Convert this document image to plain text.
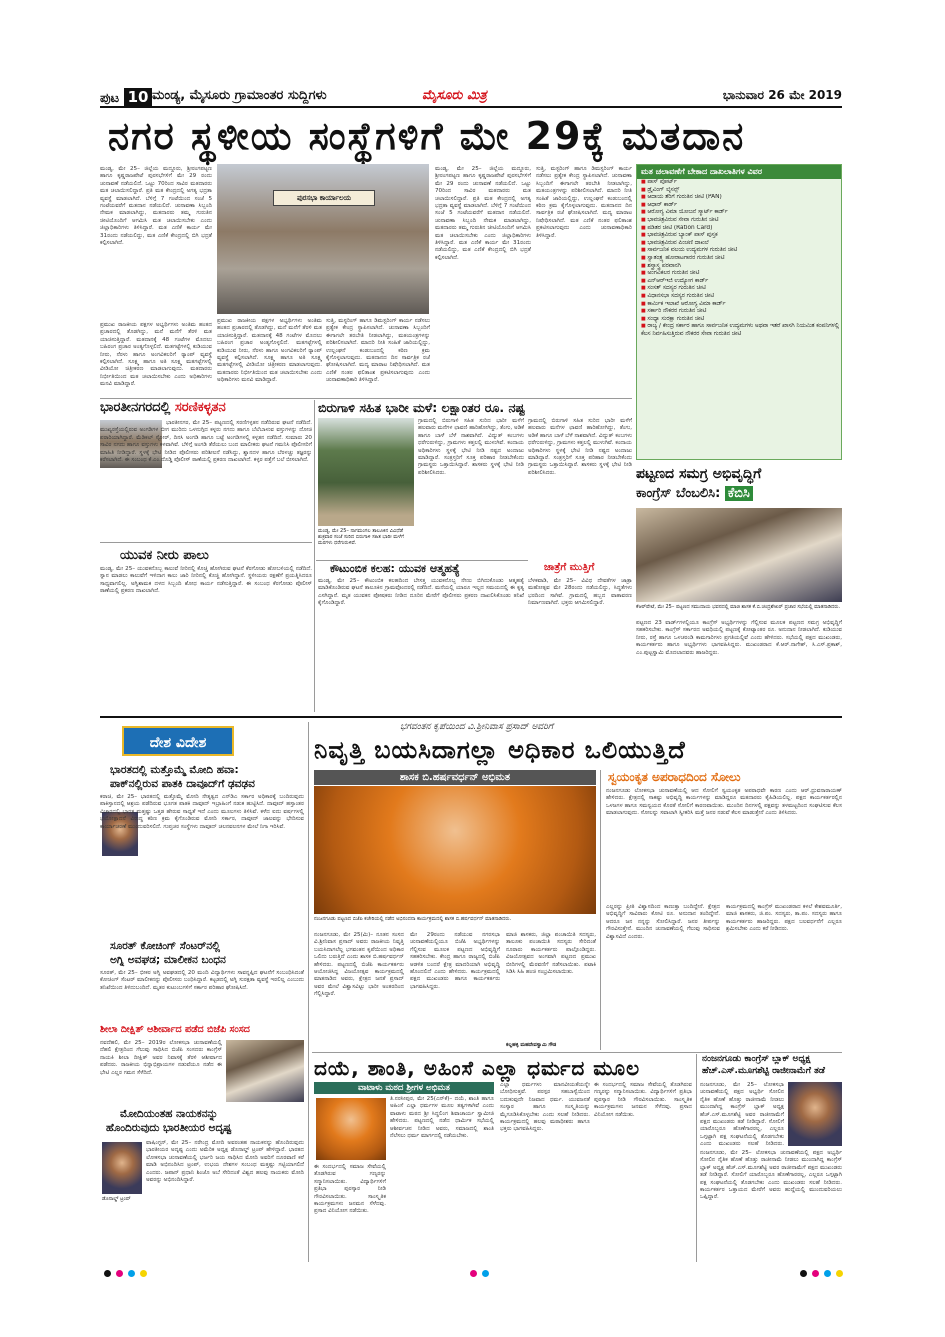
ಪುಟ 10 ಮಂಡ್ಯ, ಮೈಸೂರು ಗ್ರಾಮಾಂತರ ಸುದ್ದಿಗಳು	ಮೈಸೂರು ಮಿತ್ರ	ಭಾನುವಾರ 26 ಮೇ 2019
ನಗರ ಸ್ಥಳೀಯ ಸಂಸ್ಥೆಗಳಿಗೆ ಮೇ 29ಕ್ಕೆ ಮತದಾನ
ಮಂಡ್ಯ, ಮೇ 25– ಜಿಲ್ಲೆಯ ಮದ್ದೂರು, ಶ್ರೀರಂಗಪಟ್ಟಣ ಹಾಗೂ ಕೃಷ್ಣರಾಜಪೇಟೆ ಪುರಸಭೆಗಳಿಗೆ ಮೇ 29 ರಂದು ಚುನಾವಣೆ ನಡೆಯಲಿದೆ. ಒಟ್ಟು 70ರಿಂದ ಸಾವಿರ ಮತದಾರರು ಮತ ಚಲಾಯಿಸಲಿದ್ದಾರೆ. ಪ್ರತಿ ಮತ ಕೇಂದ್ರದಲ್ಲಿ ಅಗತ್ಯ ಭದ್ರತಾ ವ್ಯವಸ್ಥೆ ಮಾಡಲಾಗಿದೆ. ಬೆಳಿಗ್ಗೆ 7 ಗಂಟೆಯಿಂದ ಸಂಜೆ 5 ಗಂಟೆಯವರೆಗೆ ಮತದಾನ ನಡೆಯಲಿದೆ. ಚುನಾವಣಾ ಸಿಬ್ಬಂದಿ ನೇಮಕ ಮಾಡಲಾಗಿದ್ದು, ಮತದಾರರು ತಮ್ಮ ಗುರುತಿನ ಚೀಟಿಯೊಂದಿಗೆ ಆಗಮಿಸಿ ಮತ ಚಲಾಯಿಸಬೇಕು ಎಂದು ಜಿಲ್ಲಾಧಿಕಾರಿಗಳು ತಿಳಿಸಿದ್ದಾರೆ. ಮತ ಎಣಿಕೆ ಕಾರ್ಯ ಮೇ 31ರಂದು ನಡೆಯಲಿದ್ದು, ಮತ ಎಣಿಕೆ ಕೇಂದ್ರದಲ್ಲಿ ಬಿಗಿ ಭದ್ರತೆ ಕಲ್ಪಿಸಲಾಗಿದೆ.
ಪುರಸಭಾ ಕಾರ್ಯಾಲಯ
ಪ್ರಮುಖ ರಾಜಕೀಯ ಪಕ್ಷಗಳ ಅಭ್ಯರ್ಥಿಗಳು ಅಂತಿಮ ಹಂತದ ಪ್ರಚಾರದಲ್ಲಿ ತೊಡಗಿದ್ದು, ಮನೆ ಮನೆಗೆ ತೆರಳಿ ಮತ ಯಾಚಿಸುತ್ತಿದ್ದಾರೆ. ಮತದಾನಕ್ಕೆ 48 ಗಂಟೆಗಳ ಮೊದಲು ಬಹಿರಂಗ ಪ್ರಚಾರ ಅಂತ್ಯಗೊಳ್ಳಲಿದೆ. ಮತಗಟ್ಟೆಗಳಲ್ಲಿ ಕುಡಿಯುವ ನೀರು, ನೆರಳು ಹಾಗೂ ಅಂಗವಿಕಲರಿಗೆ ರ‍್ಯಾಂಪ್ ವ್ಯವಸ್ಥೆ ಕಲ್ಪಿಸಲಾಗಿದೆ. ಸೂಕ್ಷ್ಮ ಹಾಗೂ ಅತಿ ಸೂಕ್ಷ್ಮ ಮತಗಟ್ಟೆಗಳಲ್ಲಿ ವೀಡಿಯೋ ಚಿತ್ರೀಕರಣ ಮಾಡಲಾಗುವುದು. ಮತದಾರರು ನಿರ್ಭೀತಿಯಿಂದ ಮತ ಚಲಾಯಿಸಬೇಕು ಎಂದು ಅಧಿಕಾರಿಗಳು ಮನವಿ ಮಾಡಿದ್ದಾರೆ.
ಪ್ರಮುಖ ರಾಜಕೀಯ ಪಕ್ಷಗಳ ಅಭ್ಯರ್ಥಿಗಳು ಅಂತಿಮ ಹಂತದ ಪ್ರಚಾರದಲ್ಲಿ ತೊಡಗಿದ್ದು, ಮನೆ ಮನೆಗೆ ತೆರಳಿ ಮತ ಯಾಚಿಸುತ್ತಿದ್ದಾರೆ. ಮತದಾನಕ್ಕೆ 48 ಗಂಟೆಗಳ ಮೊದಲು ಬಹಿರಂಗ ಪ್ರಚಾರ ಅಂತ್ಯಗೊಳ್ಳಲಿದೆ. ಮತಗಟ್ಟೆಗಳಲ್ಲಿ ಕುಡಿಯುವ ನೀರು, ನೆರಳು ಹಾಗೂ ಅಂಗವಿಕಲರಿಗೆ ರ‍್ಯಾಂಪ್ ವ್ಯವಸ್ಥೆ ಕಲ್ಪಿಸಲಾಗಿದೆ. ಸೂಕ್ಷ್ಮ ಹಾಗೂ ಅತಿ ಸೂಕ್ಷ್ಮ ಮತಗಟ್ಟೆಗಳಲ್ಲಿ ವೀಡಿಯೋ ಚಿತ್ರೀಕರಣ ಮಾಡಲಾಗುವುದು. ಮತದಾರರು ನಿರ್ಭೀತಿಯಿಂದ ಮತ ಚಲಾಯಿಸಬೇಕು ಎಂದು ಅಧಿಕಾರಿಗಳು ಮನವಿ ಮಾಡಿದ್ದಾರೆ.
ಸುತ್ತಿ, ಮಸ್ಟರಿಂಗ್ ಹಾಗೂ ಡಿಮಸ್ಟರಿಂಗ್ ಕಾರ್ಯ ನಡೆಸಲು ಪ್ರತ್ಯೇಕ ಕೇಂದ್ರ ಸ್ಥಾಪಿಸಲಾಗಿದೆ. ಚುನಾವಣಾ ಸಿಬ್ಬಂದಿಗೆ ಈಗಾಗಲೇ ತರಬೇತಿ ನೀಡಲಾಗಿದ್ದು, ಮತಯಂತ್ರಗಳನ್ನು ಪರಿಶೀಲಿಸಲಾಗಿದೆ. ಮಾದರಿ ನೀತಿ ಸಂಹಿತೆ ಜಾರಿಯಲ್ಲಿದ್ದು, ಉಲ್ಲಂಘನೆ ಕಂಡುಬಂದಲ್ಲಿ ಕಠಿಣ ಕ್ರಮ ಕೈಗೊಳ್ಳಲಾಗುವುದು. ಮತದಾನದ ದಿನ ಸಾರ್ವತ್ರಿಕ ರಜೆ ಘೋಷಿಸಲಾಗಿದೆ. ಮದ್ಯ ಮಾರಾಟ ನಿಷೇಧಿಸಲಾಗಿದೆ. ಮತ ಎಣಿಕೆ ನಂತರ ಫಲಿತಾಂಶ ಪ್ರಕಟಿಸಲಾಗುವುದು ಎಂದು ಚುನಾವಣಾಧಿಕಾರಿ ತಿಳಿಸಿದ್ದಾರೆ.
ಮಂಡ್ಯ, ಮೇ 25– ಜಿಲ್ಲೆಯ ಮದ್ದೂರು, ಶ್ರೀರಂಗಪಟ್ಟಣ ಹಾಗೂ ಕೃಷ್ಣರಾಜಪೇಟೆ ಪುರಸಭೆಗಳಿಗೆ ಮೇ 29 ರಂದು ಚುನಾವಣೆ ನಡೆಯಲಿದೆ. ಒಟ್ಟು 70ರಿಂದ ಸಾವಿರ ಮತದಾರರು ಮತ ಚಲಾಯಿಸಲಿದ್ದಾರೆ. ಪ್ರತಿ ಮತ ಕೇಂದ್ರದಲ್ಲಿ ಅಗತ್ಯ ಭದ್ರತಾ ವ್ಯವಸ್ಥೆ ಮಾಡಲಾಗಿದೆ. ಬೆಳಿಗ್ಗೆ 7 ಗಂಟೆಯಿಂದ ಸಂಜೆ 5 ಗಂಟೆಯವರೆಗೆ ಮತದಾನ ನಡೆಯಲಿದೆ. ಚುನಾವಣಾ ಸಿಬ್ಬಂದಿ ನೇಮಕ ಮಾಡಲಾಗಿದ್ದು, ಮತದಾರರು ತಮ್ಮ ಗುರುತಿನ ಚೀಟಿಯೊಂದಿಗೆ ಆಗಮಿಸಿ ಮತ ಚಲಾಯಿಸಬೇಕು ಎಂದು ಜಿಲ್ಲಾಧಿಕಾರಿಗಳು ತಿಳಿಸಿದ್ದಾರೆ. ಮತ ಎಣಿಕೆ ಕಾರ್ಯ ಮೇ 31ರಂದು ನಡೆಯಲಿದ್ದು, ಮತ ಎಣಿಕೆ ಕೇಂದ್ರದಲ್ಲಿ ಬಿಗಿ ಭದ್ರತೆ ಕಲ್ಪಿಸಲಾಗಿದೆ.
ಸುತ್ತಿ, ಮಸ್ಟರಿಂಗ್ ಹಾಗೂ ಡಿಮಸ್ಟರಿಂಗ್ ಕಾರ್ಯ ನಡೆಸಲು ಪ್ರತ್ಯೇಕ ಕೇಂದ್ರ ಸ್ಥಾಪಿಸಲಾಗಿದೆ. ಚುನಾವಣಾ ಸಿಬ್ಬಂದಿಗೆ ಈಗಾಗಲೇ ತರಬೇತಿ ನೀಡಲಾಗಿದ್ದು, ಮತಯಂತ್ರಗಳನ್ನು ಪರಿಶೀಲಿಸಲಾಗಿದೆ. ಮಾದರಿ ನೀತಿ ಸಂಹಿತೆ ಜಾರಿಯಲ್ಲಿದ್ದು, ಉಲ್ಲಂಘನೆ ಕಂಡುಬಂದಲ್ಲಿ ಕಠಿಣ ಕ್ರಮ ಕೈಗೊಳ್ಳಲಾಗುವುದು. ಮತದಾನದ ದಿನ ಸಾರ್ವತ್ರಿಕ ರಜೆ ಘೋಷಿಸಲಾಗಿದೆ. ಮದ್ಯ ಮಾರಾಟ ನಿಷೇಧಿಸಲಾಗಿದೆ. ಮತ ಎಣಿಕೆ ನಂತರ ಫಲಿತಾಂಶ ಪ್ರಕಟಿಸಲಾಗುವುದು ಎಂದು ಚುನಾವಣಾಧಿಕಾರಿ ತಿಳಿಸಿದ್ದಾರೆ.
ಮತ ಚಲಾವಣೆಗೆ ಬೇಕಾದ ದಾಖಲಾತಿಗಳ ವಿವರ
■ ಪಾಸ್ ಪೋರ್ಟ್
■ ಡ್ರೈವಿಂಗ್ ಲೈಸನ್ಸ್
■ ಆದಾಯ ತೆರಿಗೆ ಗುರುತಿನ ಚೀಟಿ (PAN)
■ ಆಧಾರ್ ಕಾರ್ಡ್
■ ಆರೋಗ್ಯ ವಿಮಾ ಯೋಜನೆ ಸ್ಮಾರ್ಟ್ ಕಾರ್ಡ್
■ ಭಾವಚಿತ್ರವಿರುವ ಸೇವಾ ಗುರುತಿನ ಚೀಟಿ
■ ಪಡಿತರ ಚೀಟಿ (Ration Card)
■ ಭಾವಚಿತ್ರವಿರುವ ಬ್ಯಾಂಕ್ ಪಾಸ್ ಪುಸ್ತಕ
■ ಭಾವಚಿತ್ರವಿರುವ ಪಿಂಚಣಿ ದಾಖಲೆ
■ ಸಾರ್ವಜನಿಕ ವಲಯ ಉದ್ಯಮಗಳ ಗುರುತಿನ ಚೀಟಿ
■ ಸ್ವಾತಂತ್ರ್ಯ ಹೋರಾಟಗಾರರ ಗುರುತಿನ ಚೀಟಿ
■ ಶಸ್ತ್ರಾಸ್ತ್ರ ಪರವಾನಗಿ
■ ಅಂಗವಿಕಲರ ಗುರುತಿನ ಚೀಟಿ
■ ಎನ್‌ಆರ್‌ಇಜಿ ಉದ್ಯೋಗ ಕಾರ್ಡ್
■ ಸಂಸತ್ ಸದಸ್ಯರ ಗುರುತಿನ ಚೀಟಿ
■ ವಿಧಾನಸಭಾ ಸದಸ್ಯರ ಗುರುತಿನ ಚೀಟಿ
■ ಕಾರ್ಮಿಕ ಇಲಾಖೆ ಆರೋಗ್ಯ ವಿಮಾ ಕಾರ್ಡ್
■ ಸರ್ಕಾರಿ ನೌಕರರ ಗುರುತಿನ ಚೀಟಿ
■ ಸಂಧ್ಯಾ ಸುರಕ್ಷಾ ಗುರುತಿನ ಚೀಟಿ
■ ರಾಜ್ಯ / ಕೇಂದ್ರ ಸರ್ಕಾರ ಹಾಗೂ ಸಾರ್ವಜನಿಕ ಉದ್ಯಮಗಳು ಅಥವಾ ಇತರೆ ಖಾಸಗಿ ನಿಯಮಿತ ಕಂಪನಿಗಳಲ್ಲಿ ಕೆಲಸ ನಿರ್ವಹಿಸುತ್ತಿರುವ ನೌಕರರ ಸೇವಾ ಗುರುತಿನ ಚೀಟಿ
ಭಾರತೀನಗರದಲ್ಲಿ ಸರಣಿಕಳ್ಳತನ
ಭಾರತೀನಗರ, ಮೇ 25– ಪಟ್ಟಣದಲ್ಲಿ ಸರಣಿಗಳ್ಳತನ ನಡೆದಿರುವ ಘಟನೆ ನಡೆದಿದೆ. ಮುಖ್ಯರಸ್ತೆಯಲ್ಲಿರುವ ಅಂಗಡಿಗಳ ಬೀಗ ಮುರಿದು ಒಳನುಗ್ಗಿದ ಕಳ್ಳರು ನಗದು ಹಾಗೂ ಬೆಲೆಬಾಳುವ ವಸ್ತುಗಳನ್ನು ದೋಚಿ ಪರಾರಿಯಾಗಿದ್ದಾರೆ. ಮೆಡಿಕಲ್ ಸ್ಟೋರ್, ದಿನಸಿ ಅಂಗಡಿ ಹಾಗೂ ಬಟ್ಟೆ ಅಂಗಡಿಗಳಲ್ಲಿ ಕಳ್ಳತನ ನಡೆದಿದೆ. ಸುಮಾರು 20 ಸಾವಿರ ನಗದು ಹಾಗೂ ವಸ್ತುಗಳು ಕಳವಾಗಿವೆ. ಬೆಳಿಗ್ಗೆ ಅಂಗಡಿ ತೆರೆಯಲು ಬಂದ ಮಾಲೀಕರು ಘಟನೆ ಗಮನಿಸಿ ಪೊಲೀಸರಿಗೆ ಮಾಹಿತಿ ನೀಡಿದ್ದಾರೆ. ಸ್ಥಳಕ್ಕೆ ಭೇಟಿ ನೀಡಿದ ಪೊಲೀಸರು ಪರಿಶೀಲನೆ ನಡೆಸಿದ್ದು, ಶ್ವಾನದಳ ಹಾಗೂ ಬೆರಳಚ್ಚು ತಜ್ಞರನ್ನು ಕರೆಸಲಾಗಿದೆ. ಈ ಸಂಬಂಧ ಕೆ.ಎಂ.ದೊಡ್ಡಿ ಪೊಲೀಸ್ ಠಾಣೆಯಲ್ಲಿ ಪ್ರಕರಣ ದಾಖಲಾಗಿದೆ. ಕಳ್ಳರ ಪತ್ತೆಗೆ ಬಲೆ ಬೀಸಲಾಗಿದೆ.
ಬಿರುಗಾಳಿ ಸಹಿತ ಭಾರೀ ಮಳೆ: ಲಕ್ಷಾಂತರ ರೂ. ನಷ್ಟ
ಮಂಡ್ಯ, ಮೇ 25– ನಾಗಮಂಗಲ ತಾಲೂಕಿನ ವಿವಿಧೆಡೆ ಶುಕ್ರವಾರ ಸಂಜೆ ಸುರಿದ ಬಿರುಗಾಳಿ ಸಹಿತ ಭಾರೀ ಮಳೆಗೆ ಮರಗಳು ಧರೆಗುರುಳಿವೆ.
ಗ್ರಾಮದಲ್ಲಿ ಬಿರುಗಾಳಿ ಸಹಿತ ಸುರಿದ ಭಾರೀ ಮಳೆಗೆ ಹಲವಾರು ಮನೆಗಳ ಛಾವಣಿ ಹಾರಿಹೋಗಿದ್ದು, ತೆಂಗು, ಅಡಿಕೆ ಹಾಗೂ ಬಾಳೆ ಬೆಳೆ ನಾಶವಾಗಿದೆ. ವಿದ್ಯುತ್ ಕಂಬಗಳು ಧರೆಗುರುಳಿದ್ದು, ಗ್ರಾಮಗಳು ಕತ್ತಲಲ್ಲಿ ಮುಳುಗಿವೆ. ಕಂದಾಯ ಅಧಿಕಾರಿಗಳು ಸ್ಥಳಕ್ಕೆ ಭೇಟಿ ನೀಡಿ ನಷ್ಟದ ಅಂದಾಜು ಮಾಡಿದ್ದಾರೆ. ಸಂತ್ರಸ್ತರಿಗೆ ಸೂಕ್ತ ಪರಿಹಾರ ನೀಡಬೇಕೆಂದು ಗ್ರಾಮಸ್ಥರು ಒತ್ತಾಯಿಸಿದ್ದಾರೆ. ಶಾಸಕರು ಸ್ಥಳಕ್ಕೆ ಭೇಟಿ ನೀಡಿ ಪರಿಶೀಲಿಸಿದರು.
ಗ್ರಾಮದಲ್ಲಿ ಬಿರುಗಾಳಿ ಸಹಿತ ಸುರಿದ ಭಾರೀ ಮಳೆಗೆ ಹಲವಾರು ಮನೆಗಳ ಛಾವಣಿ ಹಾರಿಹೋಗಿದ್ದು, ತೆಂಗು, ಅಡಿಕೆ ಹಾಗೂ ಬಾಳೆ ಬೆಳೆ ನಾಶವಾಗಿದೆ. ವಿದ್ಯುತ್ ಕಂಬಗಳು ಧರೆಗುರುಳಿದ್ದು, ಗ್ರಾಮಗಳು ಕತ್ತಲಲ್ಲಿ ಮುಳುಗಿವೆ. ಕಂದಾಯ ಅಧಿಕಾರಿಗಳು ಸ್ಥಳಕ್ಕೆ ಭೇಟಿ ನೀಡಿ ನಷ್ಟದ ಅಂದಾಜು ಮಾಡಿದ್ದಾರೆ. ಸಂತ್ರಸ್ತರಿಗೆ ಸೂಕ್ತ ಪರಿಹಾರ ನೀಡಬೇಕೆಂದು ಗ್ರಾಮಸ್ಥರು ಒತ್ತಾಯಿಸಿದ್ದಾರೆ. ಶಾಸಕರು ಸ್ಥಳಕ್ಕೆ ಭೇಟಿ ನೀಡಿ ಪರಿಶೀಲಿಸಿದರು.	ಪಟ್ಟಣದ ಸಮಗ್ರ ಅಭಿವೃದ್ಧಿಗೆ
ಕಾಂಗ್ರೆಸ್ ಬೆಂಬಲಿಸಿ: ಕೆಬಿಸಿ
ಕೆಆರ್‌ಪೇಟೆ, ಮೇ 25– ಪಟ್ಟಣದ ಸಮುದಾಯ ಭವನದಲ್ಲಿ ಮಾಜಿ ಶಾಸಕ ಕೆ.ಬಿ.ಚಂದ್ರಶೇಖರ್ ಪ್ರಚಾರ ಸಭೆಯಲ್ಲಿ ಮಾತನಾಡಿದರು.
ಪಟ್ಟಣದ 23 ವಾರ್ಡ್‌ಗಳಲ್ಲಿಯೂ ಕಾಂಗ್ರೆಸ್ ಅಭ್ಯರ್ಥಿಗಳನ್ನು ಗೆಲ್ಲಿಸುವ ಮೂಲಕ ಪಟ್ಟಣದ ಸಮಗ್ರ ಅಭಿವೃದ್ಧಿಗೆ ಸಹಕರಿಸಬೇಕು. ಕಾಂಗ್ರೆಸ್ ಸರ್ಕಾರದ ಅವಧಿಯಲ್ಲಿ ಪಟ್ಟಣಕ್ಕೆ ಕೋಟ್ಯಾಂತರ ರೂ. ಅನುದಾನ ನೀಡಲಾಗಿದೆ. ಕುಡಿಯುವ ನೀರು, ರಸ್ತೆ ಹಾಗೂ ಒಳಚರಂಡಿ ಕಾಮಗಾರಿಗಳು ಪ್ರಗತಿಯಲ್ಲಿವೆ ಎಂದು ಹೇಳಿದರು. ಸಭೆಯಲ್ಲಿ ಪಕ್ಷದ ಮುಖಂಡರು, ಕಾರ್ಯಕರ್ತರು ಹಾಗೂ ಅಭ್ಯರ್ಥಿಗಳು ಭಾಗವಹಿಸಿದ್ದರು. ಮುಖಂಡರಾದ ಕೆ.ಆರ್.ನಾಗೇಶ್, ಸಿ.ಎಸ್.ಪ್ರಕಾಶ್, ಎಂ.ಪುಟ್ಟಸ್ವಾಮಿ ಮೊದಲಾದವರು ಹಾಜರಿದ್ದರು.
ಯುವಕ ನೀರು ಪಾಲು
ಮಂಡ್ಯ, ಮೇ 25– ಯುವಕನೊಬ್ಬ ಕಾಲುವೆ ನೀರಿನಲ್ಲಿ ಕೊಚ್ಚಿ ಹೋಗಿರುವ ಘಟನೆ ಕೆರಗೋಡು ಹೋಬಳಿಯಲ್ಲಿ ನಡೆದಿದೆ. ಸ್ನಾನ ಮಾಡಲು ಕಾಲುವೆಗೆ ಇಳಿದಾಗ ಕಾಲು ಜಾರಿ ನೀರಿನಲ್ಲಿ ಕೊಚ್ಚಿ ಹೋಗಿದ್ದಾನೆ. ಸ್ಥಳೀಯರು ರಕ್ಷಣೆಗೆ ಪ್ರಯತ್ನಿಸಿದರೂ ಸಾಧ್ಯವಾಗಲಿಲ್ಲ. ಅಗ್ನಿಶಾಮಕ ದಳದ ಸಿಬ್ಬಂದಿ ಶೋಧ ಕಾರ್ಯ ನಡೆಸುತ್ತಿದ್ದಾರೆ. ಈ ಸಂಬಂಧ ಕೆರಗೋಡು ಪೊಲೀಸ್ ಠಾಣೆಯಲ್ಲಿ ಪ್ರಕರಣ ದಾಖಲಾಗಿದೆ.
ಕೌಟುಂಬಿಕ ಕಲಹ: ಯುವಕ ಆತ್ಮಹತ್ಯೆ
ಮಂಡ್ಯ, ಮೇ 25– ಕೌಟುಂಬಿಕ ಕಲಹದಿಂದ ಬೇಸತ್ತ ಯುವಕನೊಬ್ಬ ನೇಣು ಬಿಗಿದುಕೊಂಡು ಆತ್ಮಹತ್ಯೆ ಮಾಡಿಕೊಂಡಿರುವ ಘಟನೆ ತಾಲೂಕಿನ ಗ್ರಾಮವೊಂದರಲ್ಲಿ ನಡೆದಿದೆ. ಮನೆಯಲ್ಲಿ ಯಾರೂ ಇಲ್ಲದ ಸಮಯದಲ್ಲಿ ಈ ಕೃತ್ಯ ಎಸಗಿದ್ದಾನೆ. ಮೃತ ಯುವಕನ ಪೋಷಕರು ನೀಡಿದ ದೂರಿನ ಮೇರೆಗೆ ಪೊಲೀಸರು ಪ್ರಕರಣ ದಾಖಲಿಸಿಕೊಂಡು ತನಿಖೆ ಕೈಗೊಂಡಿದ್ದಾರೆ.
ಜಾತ್ರೆಗೆ ಮುತ್ತಿಗೆ
ಬೆಳಕವಾಡಿ, ಮೇ 25– ವಿವಿಧ ದೇವತೆಗಳ ಜಾತ್ರಾ ಮಹೋತ್ಸವ ಮೇ 28ರಂದು ನಡೆಯಲಿದ್ದು, ಸಿದ್ಧತೆಗಳು ಭರದಿಂದ ಸಾಗಿವೆ. ಗ್ರಾಮದಲ್ಲಿ ಹಬ್ಬದ ವಾತಾವರಣ ನಿರ್ಮಾಣವಾಗಿದೆ. ಭಕ್ತರು ಆಗಮಿಸಲಿದ್ದಾರೆ.
ದೇಶ ವಿದೇಶ
ಭಾರತದಲ್ಲಿ ಮತ್ತೊಮ್ಮೆ ಮೋದಿ ಹವಾ:
ಪಾಕ್‌ನಲ್ಲಿರುವ ಪಾತಕಿ ದಾವೂದ್‌ಗೆ ಢವಢವ
ಕರಾಚಿ, ಮೇ 25– ಭಾರತದಲ್ಲಿ ಮತ್ತೊಮ್ಮೆ ಮೋದಿ ನೇತೃತ್ವದ ಎನ್‌ಡಿಎ ಸರ್ಕಾರ ಅಧಿಕಾರಕ್ಕೆ ಬಂದಿರುವುದು ಪಾಕಿಸ್ತಾನದಲ್ಲಿ ಆಶ್ರಯ ಪಡೆದಿರುವ ಭೂಗತ ಪಾತಕಿ ದಾವೂದ್ ಇಬ್ರಾಹಿಂಗೆ ನಡುಕ ಹುಟ್ಟಿಸಿದೆ. ದಾವೂದ್ ಹಸ್ತಾಂತರ ವಿಚಾರದಲ್ಲಿ ಭಾರತ ಮತ್ತಷ್ಟು ಒತ್ತಡ ಹೇರುವ ಸಾಧ್ಯತೆ ಇದೆ ಎಂದು ಮೂಲಗಳು ತಿಳಿಸಿವೆ. ಕಳೆದ ಐದು ವರ್ಷಗಳಲ್ಲಿ ಭಯೋತ್ಪಾದನೆ ವಿರುದ್ಧ ಕಠಿಣ ಕ್ರಮ ಕೈಗೊಂಡಿರುವ ಮೋದಿ ಸರ್ಕಾರ, ದಾವೂದ್ ಜಾಲವನ್ನು ಭೇದಿಸುವ ಕಾರ್ಯಾಚರಣೆ ಮುಂದುವರಿಸಲಿದೆ. ಗುಪ್ತಚರ ಸಂಸ್ಥೆಗಳು ದಾವೂದ್ ಚಲನವಲನಗಳ ಮೇಲೆ ನಿಗಾ ಇರಿಸಿವೆ.
ಸೂರತ್ ಕೋಚಿಂಗ್ ಸೆಂಟರ್‌ನಲ್ಲಿ
ಅಗ್ನಿ ಅವಘಡ; ಮಾಲೀಕನ ಬಂಧನ
ಸೂರತ್, ಮೇ 25– ಭೀಕರ ಅಗ್ನಿ ಅವಘಡದಲ್ಲಿ 20 ಮಂದಿ ವಿದ್ಯಾರ್ಥಿಗಳು ಸಾವನ್ನಪ್ಪಿದ ಘಟನೆಗೆ ಸಂಬಂಧಿಸಿದಂತೆ ಕೋಚಿಂಗ್ ಸೆಂಟರ್ ಮಾಲೀಕನನ್ನು ಪೊಲೀಸರು ಬಂಧಿಸಿದ್ದಾರೆ. ಕಟ್ಟಡದಲ್ಲಿ ಅಗ್ನಿ ಸುರಕ್ಷತಾ ವ್ಯವಸ್ಥೆ ಇರಲಿಲ್ಲ ಎಂಬುದು ತನಿಖೆಯಿಂದ ತಿಳಿದುಬಂದಿದೆ. ಮೃತರ ಕುಟುಂಬಗಳಿಗೆ ಸರ್ಕಾರ ಪರಿಹಾರ ಘೋಷಿಸಿದೆ.
ಶೀಲಾ ದೀಕ್ಷಿತ್ ಆಶೀರ್ವಾದ ಪಡೆದ ಬಿಜೆಪಿ ಸಂಸದ
ನವದೆಹಲಿ, ಮೇ 25– 2019ರ ಲೋಕಸಭಾ ಚುನಾವಣೆಯಲ್ಲಿ ದೆಹಲಿ ಕ್ಷೇತ್ರದಿಂದ ಗೆಲುವು ಸಾಧಿಸಿದ ಬಿಜೆಪಿ ಸಂಸದರು ಕಾಂಗ್ರೆಸ್ ನಾಯಕಿ ಶೀಲಾ ದೀಕ್ಷಿತ್ ಅವರ ನಿವಾಸಕ್ಕೆ ತೆರಳಿ ಆಶೀರ್ವಾದ ಪಡೆದರು. ರಾಜಕೀಯ ಭಿನ್ನಾಭಿಪ್ರಾಯಗಳ ನಡುವೆಯೂ ನಡೆದ ಈ ಭೇಟಿ ಎಲ್ಲರ ಗಮನ ಸೆಳೆದಿದೆ.
ಮೋದಿಯಂತಹ ನಾಯಕನನ್ನು
ಹೊಂದಿರುವುದು ಭಾರತೀಯರ ಅದೃಷ್ಟ
ಡೊನಾಲ್ಡ್ ಟ್ರಂಪ್
ವಾಷಿಂಗ್ಟನ್, ಮೇ 25– ನರೇಂದ್ರ ಮೋದಿ ಅವರಂತಹ ನಾಯಕನನ್ನು ಹೊಂದಿರುವುದು ಭಾರತೀಯರ ಅದೃಷ್ಟ ಎಂದು ಅಮೆರಿಕ ಅಧ್ಯಕ್ಷ ಡೊನಾಲ್ಡ್ ಟ್ರಂಪ್ ಹೇಳಿದ್ದಾರೆ. ಭಾರತದ ಲೋಕಸಭಾ ಚುನಾವಣೆಯಲ್ಲಿ ಭರ್ಜರಿ ಜಯ ಸಾಧಿಸಿದ ಮೋದಿ ಅವರಿಗೆ ದೂರವಾಣಿ ಕರೆ ಮಾಡಿ ಅಭಿನಂದಿಸಿದ ಟ್ರಂಪ್, ಉಭಯ ದೇಶಗಳ ಸಂಬಂಧ ಮತ್ತಷ್ಟು ಗಟ್ಟಿಯಾಗಲಿದೆ ಎಂದರು. ಜಪಾನ್ ಪ್ರಧಾನಿ ಶಿಂಜೊ ಅಬೆ ಸೇರಿದಂತೆ ವಿಶ್ವದ ಹಲವು ನಾಯಕರು ಮೋದಿ ಅವರನ್ನು ಅಭಿನಂದಿಸಿದ್ದಾರೆ.
ಭಗವಂತನ ಕೃಪೆಯಿಂದ ವಿ.ಶ್ರೀನಿವಾಸ ಪ್ರಸಾದ್ ಅವರಿಗೆ
ನಿವೃತ್ತಿ ಬಯಸಿದಾಗಲ್ಲಾ ಅಧಿಕಾರ ಒಲಿಯುತ್ತಿದೆ
ಶಾಸಕ ಬಿ.ಹರ್ಷವರ್ಧನ್ ಅಭಿಮತ
ನಂಜನಗೂಡು ಪಟ್ಟಣದ ಬಿಜೆಪಿ ಕಚೇರಿಯಲ್ಲಿ ನಡೆದ ಅಭಿನಂದನಾ ಕಾರ್ಯಕ್ರಮದಲ್ಲಿ ಶಾಸಕ ಬಿ.ಹರ್ಷವರ್ಧನ್ ಮಾತನಾಡಿದರು.
ನಂಜನಗೂಡು, ಮೇ 25(ಮಿ)– ನೂತನ ಸಂಸದ ವಿ.ಶ್ರೀನಿವಾಸ ಪ್ರಸಾದ್ ಅವರು ರಾಜಕೀಯ ನಿವೃತ್ತಿ ಬಯಸಿದಾಗಲೆಲ್ಲ ಭಗವಂತನ ಕೃಪೆಯಿಂದ ಅಧಿಕಾರ ಒಲಿದು ಬರುತ್ತಿದೆ ಎಂದು ಶಾಸಕ ಬಿ.ಹರ್ಷವರ್ಧನ್ ಹೇಳಿದರು. ಪಟ್ಟಣದಲ್ಲಿ ಬಿಜೆಪಿ ಕಾರ್ಯಕರ್ತರು ಆಯೋಜಿಸಿದ್ದ ವಿಜಯೋತ್ಸವ ಕಾರ್ಯಕ್ರಮದಲ್ಲಿ ಮಾತನಾಡಿದ ಅವರು, ಕ್ಷೇತ್ರದ ಜನತೆ ಪ್ರಸಾದ್ ಅವರ ಮೇಲೆ ವಿಶ್ವಾಸವಿಟ್ಟು ಭಾರೀ ಅಂತರದಿಂದ ಗೆಲ್ಲಿಸಿದ್ದಾರೆ.
ಮೇ 29ರಂದು ನಡೆಯುವ ನಗರಸಭಾ ಚುನಾವಣೆಯಲ್ಲಿಯೂ ಬಿಜೆಪಿ ಅಭ್ಯರ್ಥಿಗಳನ್ನು ಗೆಲ್ಲಿಸುವ ಮೂಲಕ ಪಟ್ಟಣದ ಅಭಿವೃದ್ಧಿಗೆ ಸಹಕರಿಸಬೇಕು. ಕೇಂದ್ರ ಹಾಗೂ ರಾಜ್ಯದಲ್ಲಿ ಬಿಜೆಪಿ ಆಡಳಿತ ಬಂದರೆ ಕ್ಷೇತ್ರ ಮಾದರಿಯಾಗಿ ಅಭಿವೃದ್ಧಿ ಹೊಂದಲಿದೆ ಎಂದು ಹೇಳಿದರು. ಕಾರ್ಯಕ್ರಮದಲ್ಲಿ ಪಕ್ಷದ ಮುಖಂಡರು ಹಾಗೂ ಕಾರ್ಯಕರ್ತರು ಭಾಗವಹಿಸಿದ್ದರು.
ಮಾಜಿ ಶಾಸಕರು, ಜಿಲ್ಲಾ ಪಂಚಾಯಿತಿ ಸದಸ್ಯರು, ತಾಲೂಕು ಪಂಚಾಯಿತಿ ಸದಸ್ಯರು ಸೇರಿದಂತೆ ನೂರಾರು ಕಾರ್ಯಕರ್ತರು ಪಾಲ್ಗೊಂಡಿದ್ದರು. ವಿಜಯೋತ್ಸವದ ಅಂಗವಾಗಿ ಪಟ್ಟಣದ ಪ್ರಮುಖ ಬೀದಿಗಳಲ್ಲಿ ಮೆರವಣಿಗೆ ನಡೆಸಲಾಯಿತು. ಪಟಾಕಿ ಸಿಡಿಸಿ ಸಿಹಿ ಹಂಚಿ ಸಂಭ್ರಮಿಸಲಾಯಿತು.
ಕಲ್ಲಹಳ್ಳಿ ಮಹದೇವಸ್ವಾಮಿ ಗೌಡ
ಸ್ವಯಂಕೃತ ಅಪರಾಧದಿಂದ ಸೋಲು
ನಂಜನಗೂಡು ಲೋಕಸಭಾ ಚುನಾವಣೆಯಲ್ಲಿ ಆದ ಸೋಲಿಗೆ ಸ್ವಯಂಕೃತ ಅಪರಾಧವೇ ಕಾರಣ ಎಂದು ಆರ್.ಧ್ರುವನಾರಾಯಣ್ ಹೇಳಿದರು. ಕ್ಷೇತ್ರದಲ್ಲಿ ಸಾಕಷ್ಟು ಅಭಿವೃದ್ಧಿ ಕಾರ್ಯಗಳನ್ನು ಮಾಡಿದ್ದರೂ ಮತದಾರರು ಕೈಹಿಡಿಯಲಿಲ್ಲ. ಪಕ್ಷದ ಕಾರ್ಯಕರ್ತರಲ್ಲಿನ ಒಳಜಗಳ ಹಾಗೂ ಸಮನ್ವಯದ ಕೊರತೆ ಸೋಲಿಗೆ ಕಾರಣವಾಯಿತು. ಮುಂದಿನ ದಿನಗಳಲ್ಲಿ ಪಕ್ಷವನ್ನು ತಳಮಟ್ಟದಿಂದ ಸಂಘಟಿಸುವ ಕೆಲಸ ಮಾಡಲಾಗುವುದು. ಸೋಲನ್ನು ಸವಾಲಾಗಿ ಸ್ವೀಕರಿಸಿ ಮತ್ತೆ ಜನರ ನಡುವೆ ಕೆಲಸ ಮಾಡುತ್ತೇನೆ ಎಂದು ತಿಳಿಸಿದರು.
ಎಲ್ಲರನ್ನು ಪ್ರೀತಿ ವಿಶ್ವಾಸದಿಂದ ಕಾಣುತ್ತಾ ಬಂದಿದ್ದೇನೆ. ಕ್ಷೇತ್ರದ ಅಭಿವೃದ್ಧಿಗೆ ಸಾವಿರಾರು ಕೋಟಿ ರೂ. ಅನುದಾನ ತಂದಿದ್ದೇನೆ. ಆದರೂ ಜನ ನನ್ನನ್ನು ಸೋಲಿಸಿದ್ದಾರೆ. ಜನರ ತೀರ್ಪನ್ನು ಗೌರವಿಸುತ್ತೇನೆ. ಮುಂದಿನ ಚುನಾವಣೆಯಲ್ಲಿ ಗೆಲುವು ಸಾಧಿಸುವ ವಿಶ್ವಾಸವಿದೆ ಎಂದರು.
ಕಾರ್ಯಕ್ರಮದಲ್ಲಿ ಕಾಂಗ್ರೆಸ್ ಮುಖಂಡರಾದ ಕಳಲೆ ಕೇಶವಮೂರ್ತಿ, ಮಾಜಿ ಶಾಸಕರು, ಜಿ.ಪಂ. ಸದಸ್ಯರು, ತಾ.ಪಂ. ಸದಸ್ಯರು ಹಾಗೂ ಕಾರ್ಯಕರ್ತರು ಹಾಜರಿದ್ದರು. ಪಕ್ಷದ ಬಲವರ್ಧನೆಗೆ ಎಲ್ಲರೂ ಶ್ರಮಿಸಬೇಕು ಎಂದು ಕರೆ ನೀಡಿದರು.
ದಯೆ, ಶಾಂತಿ, ಅಹಿಂಸೆ ಎಲ್ಲಾ ಧರ್ಮದ ಮೂಲ
ವಾಟಾಳು ಮಠದ ಶ್ರೀಗಳ ಅಭಿಮತ
ತಿ.ನರಸೀಪುರ, ಮೇ 25(ಎನ್‌ಕೆ)– ದಯೆ, ಶಾಂತಿ ಹಾಗೂ ಅಹಿಂಸೆ ಎಲ್ಲಾ ಧರ್ಮಗಳ ಮೂಲ ತತ್ವಗಳಾಗಿವೆ ಎಂದು ವಾಟಾಳು ಮಠದ ಶ್ರೀ ಸಿದ್ಧಲಿಂಗ ಶಿವಾಚಾರ್ಯ ಸ್ವಾಮೀಜಿ ಹೇಳಿದರು. ಪಟ್ಟಣದಲ್ಲಿ ನಡೆದ ಧಾರ್ಮಿಕ ಸಭೆಯಲ್ಲಿ ಆಶೀರ್ವಚನ ನೀಡಿದ ಅವರು, ಸಮಾಜದಲ್ಲಿ ಶಾಂತಿ ನೆಲೆಸಲು ಧರ್ಮ ಮಾರ್ಗದಲ್ಲಿ ನಡೆಯಬೇಕು.
ಈ ಸಂದರ್ಭದಲ್ಲಿ ಸಮಾಜ ಸೇವೆಯಲ್ಲಿ ತೊಡಗಿರುವ ಗಣ್ಯರನ್ನು ಸನ್ಮಾನಿಸಲಾಯಿತು. ವಿದ್ಯಾರ್ಥಿಗಳಿಗೆ ಪ್ರತಿಭಾ ಪುರಸ್ಕಾರ ನೀಡಿ ಗೌರವಿಸಲಾಯಿತು. ಸಾಂಸ್ಕೃತಿಕ ಕಾರ್ಯಕ್ರಮಗಳು ಜನಮನ ಸೆಳೆದವು. ಪ್ರಸಾದ ವಿನಿಯೋಗ ನಡೆಯಿತು.
ಎಲ್ಲಾ ಧರ್ಮಗಳು ಮಾನವೀಯತೆಯನ್ನೇ ಬೋಧಿಸುತ್ತವೆ. ಪರಸ್ಪರ ಸಹಬಾಳ್ವೆಯಿಂದ ಬದುಕುವುದೇ ನಿಜವಾದ ಧರ್ಮ. ಯುವಜನತೆ ಸಂಸ್ಕಾರ ಹಾಗೂ ಸಂಸ್ಕೃತಿಯನ್ನು ಮೈಗೂಡಿಸಿಕೊಳ್ಳಬೇಕು ಎಂದು ಸಲಹೆ ನೀಡಿದರು. ಕಾರ್ಯಕ್ರಮದಲ್ಲಿ ಹಲವು ಮಠಾಧೀಶರು ಹಾಗೂ ಭಕ್ತರು ಭಾಗವಹಿಸಿದ್ದರು.
ಈ ಸಂದರ್ಭದಲ್ಲಿ ಸಮಾಜ ಸೇವೆಯಲ್ಲಿ ತೊಡಗಿರುವ ಗಣ್ಯರನ್ನು ಸನ್ಮಾನಿಸಲಾಯಿತು. ವಿದ್ಯಾರ್ಥಿಗಳಿಗೆ ಪ್ರತಿಭಾ ಪುರಸ್ಕಾರ ನೀಡಿ ಗೌರವಿಸಲಾಯಿತು. ಸಾಂಸ್ಕೃತಿಕ ಕಾರ್ಯಕ್ರಮಗಳು ಜನಮನ ಸೆಳೆದವು. ಪ್ರಸಾದ ವಿನಿಯೋಗ ನಡೆಯಿತು.
ನಂಜನಗೂಡು ಕಾಂಗ್ರೆಸ್ ಬ್ಲಾಕ್ ಅಧ್ಯಕ್ಷ
ಹೆಚ್.ಎಸ್.ಮೂಗಶೆಟ್ಟಿ ರಾಜೀನಾಮೆಗೆ ತಡೆ
ನಂಜನಗೂಡು, ಮೇ 25– ಲೋಕಸಭಾ ಚುನಾವಣೆಯಲ್ಲಿ ಪಕ್ಷದ ಅಭ್ಯರ್ಥಿ ಸೋಲಿನ ನೈತಿಕ ಹೊಣೆ ಹೊತ್ತು ರಾಜೀನಾಮೆ ನೀಡಲು ಮುಂದಾಗಿದ್ದ ಕಾಂಗ್ರೆಸ್ ಬ್ಲಾಕ್ ಅಧ್ಯಕ್ಷ ಹೆಚ್.ಎಸ್.ಮೂಗಶೆಟ್ಟಿ ಅವರ ರಾಜೀನಾಮೆಗೆ ಪಕ್ಷದ ಮುಖಂಡರು ತಡೆ ನೀಡಿದ್ದಾರೆ. ಸೋಲಿಗೆ ಯಾರೊಬ್ಬರೂ ಹೊಣೆಗಾರರಲ್ಲ, ಎಲ್ಲರೂ ಒಗ್ಗಟ್ಟಾಗಿ ಪಕ್ಷ ಸಂಘಟನೆಯಲ್ಲಿ ತೊಡಗಬೇಕು ಎಂದು ಮುಖಂಡರು ಸಲಹೆ ನೀಡಿದರು.
ನಂಜನಗೂಡು, ಮೇ 25– ಲೋಕಸಭಾ ಚುನಾವಣೆಯಲ್ಲಿ ಪಕ್ಷದ ಅಭ್ಯರ್ಥಿ ಸೋಲಿನ ನೈತಿಕ ಹೊಣೆ ಹೊತ್ತು ರಾಜೀನಾಮೆ ನೀಡಲು ಮುಂದಾಗಿದ್ದ ಕಾಂಗ್ರೆಸ್ ಬ್ಲಾಕ್ ಅಧ್ಯಕ್ಷ ಹೆಚ್.ಎಸ್.ಮೂಗಶೆಟ್ಟಿ ಅವರ ರಾಜೀನಾಮೆಗೆ ಪಕ್ಷದ ಮುಖಂಡರು ತಡೆ ನೀಡಿದ್ದಾರೆ. ಸೋಲಿಗೆ ಯಾರೊಬ್ಬರೂ ಹೊಣೆಗಾರರಲ್ಲ, ಎಲ್ಲರೂ ಒಗ್ಗಟ್ಟಾಗಿ ಪಕ್ಷ ಸಂಘಟನೆಯಲ್ಲಿ ತೊಡಗಬೇಕು ಎಂದು ಮುಖಂಡರು ಸಲಹೆ ನೀಡಿದರು. ಕಾರ್ಯಕರ್ತರ ಒತ್ತಾಯದ ಮೇರೆಗೆ ಅವರು ಹುದ್ದೆಯಲ್ಲಿ ಮುಂದುವರಿಯಲು ಒಪ್ಪಿದ್ದಾರೆ.
